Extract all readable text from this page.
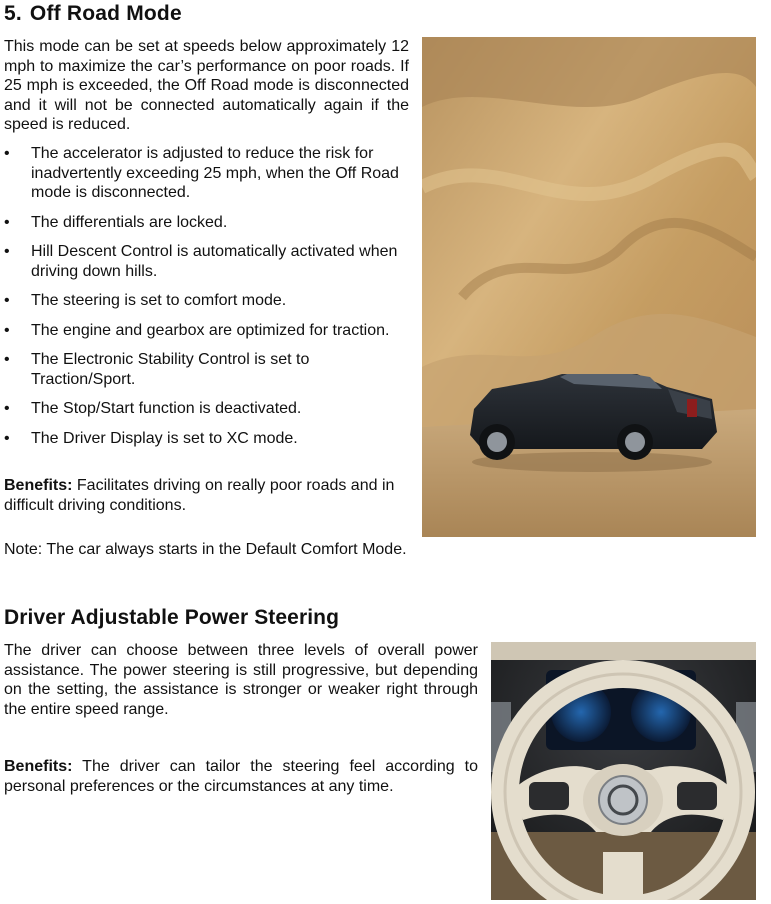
5. Off Road Mode

This mode can be set at speeds below approximately 12 mph to maximize the car’s performance on poor roads. If 25 mph is exceeded, the Off Road mode is disconnected and it will not be connected automatically again if the speed is reduced.

•	The accelerator is adjusted to reduce the risk for inadvertently exceeding 25 mph, when the Off Road mode is disconnected.
•	The differentials are locked.
•	Hill Descent Control is automatically activated when driving down hills.
•	The steering is set to comfort mode.
•	The engine and gearbox are optimized for traction.
•	The Electronic Stability Control is set to Traction/Sport.
•	The Stop/Start function is deactivated.
•	The Driver Display is set to XC mode.

Benefits: Facilitates driving on really poor roads and in difficult driving conditions.

Note: The car always starts in the Default Comfort Mode.

Driver Adjustable Power Steering

The driver can choose between three levels of overall power assistance. The power steering is still progressive, but depending on the setting, the assistance is stronger or weaker right through the entire speed range.

Benefits: The driver can tailor the steering feel according to personal preferences or the circumstances at any time.
